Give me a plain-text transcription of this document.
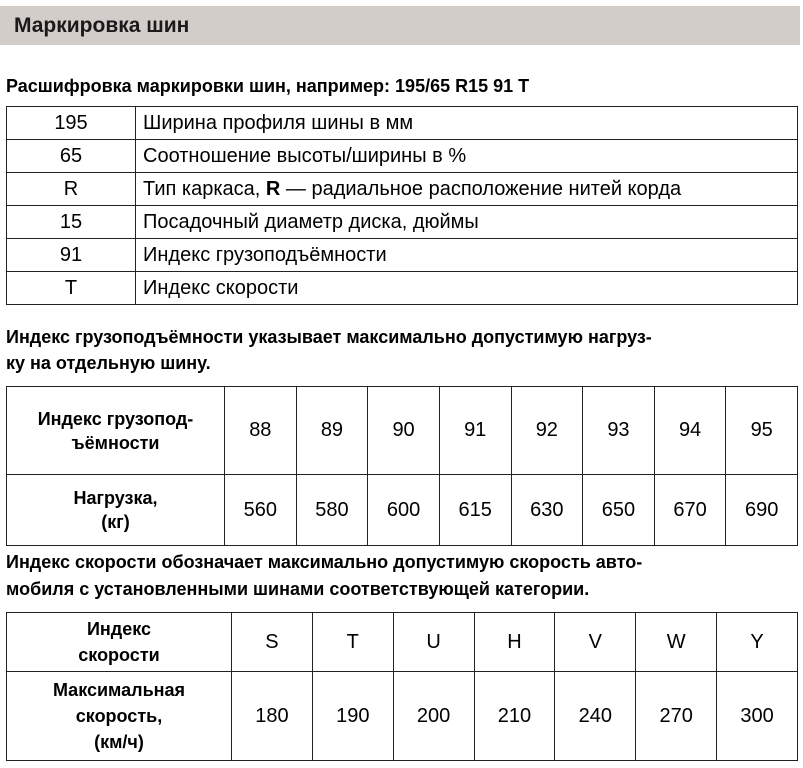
Маркировка шин
Расшифровка маркировки шин, например: 195/65 R15 91 T
195	Ширина профиля шины в мм
65	Соотношение высоты/ширины в %
R	Тип каркаса, R — радиальное расположение нитей корда
15	Посадочный диаметр диска, дюймы
91	Индекс грузоподъёмности
T	Индекс скорости
Индекс грузоподъёмности указывает максимально допустимую нагруз-
ку на отдельную шину.
Индекс грузопод-
ъёмности	88	89	90	91	92	93	94	95

Нагрузка,
(кг)	560	580	600	615	630	650	670	690
Индекс скорости обозначает максимально допустимую скорость авто-
мобиля с установленными шинами соответствующей категории.
Индекс
скорости	S	T	U	H	V	W	Y

Максимальная
скорость,
(км/ч)	180	190	200	210	240	270	300
